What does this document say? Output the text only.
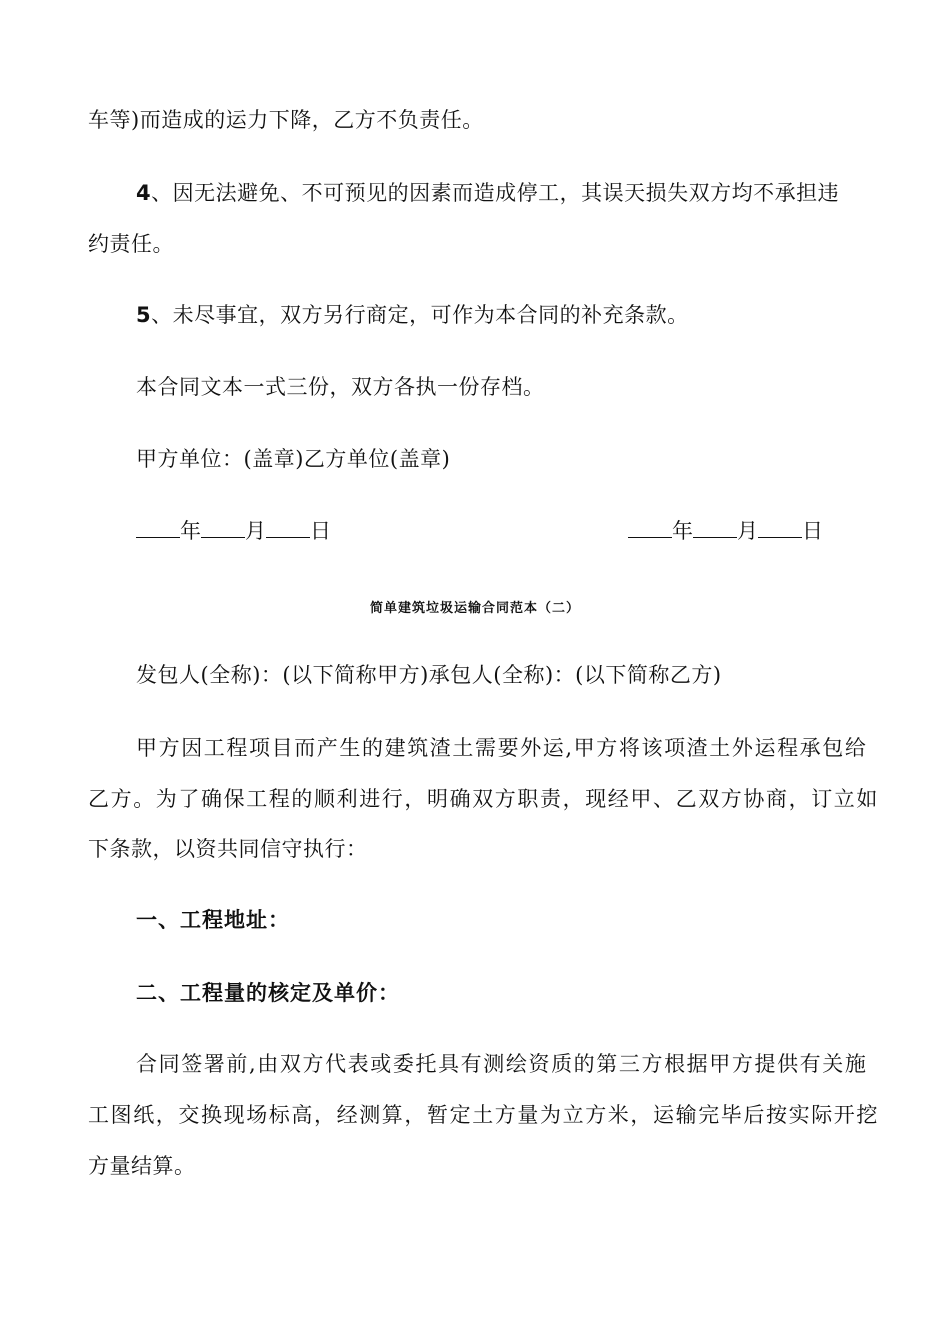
车等)而造成的运力下降，乙方不负责任。
4、因无法避免、不可预见的因素而造成停工，其误天损失双方均不承担违
约责任。
5、未尽事宜，双方另行商定，可作为本合同的补充条款。
本合同文本一式三份，双方各执一份存档。
甲方单位：(盖章)乙方单位(盖章)
年 月 日	年 月 日
简单建筑垃圾运输合同范本（二）
发包人(全称)：(以下简称甲方)承包人(全称)：(以下简称乙方)
甲方因工程项目而产生的建筑渣土需要外运,甲方将该项渣土外运程承包给
乙方。为了确保工程的顺利进行，明确双方职责，现经甲、乙双方协商，订立如
下条款，以资共同信守执行：
一、工程地址：
二、工程量的核定及单价：
合同签署前,由双方代表或委托具有测绘资质的第三方根据甲方提供有关施
工图纸，交换现场标高，经测算，暂定土方量为立方米，运输完毕后按实际开挖
方量结算。
